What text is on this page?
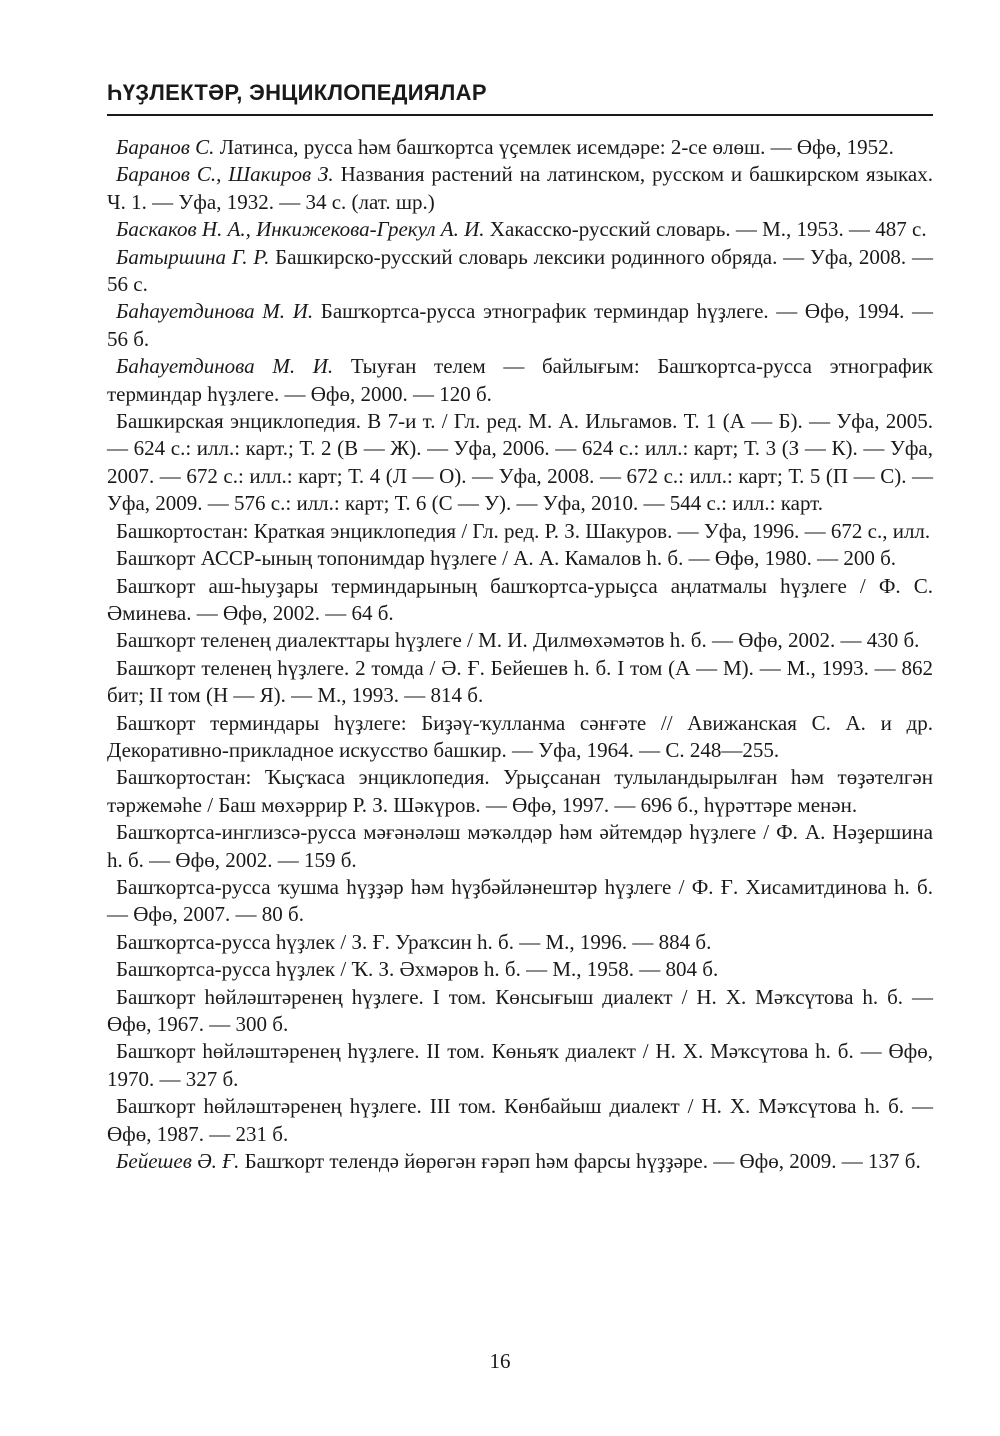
ҺҮҘЛЕКТӘР, ЭНЦИКЛОПЕДИЯЛАР

Баранов С. Латинса, русса һәм башҡортса үҫемлек исемдәре: 2-се өлөш. — Өфө, 1952.

Баранов С., Шакиров З. Названия растений на латинском, русском и башкирском языках. Ч. 1. — Уфа, 1932. — 34 с. (лат. шр.)

Баскаков Н. А., Инкижекова-Грекул А. И. Хакасско-русский словарь. — М., 1953. — 487 с.

Батыршина Г. Р. Башкирско-русский словарь лексики родинного обряда. — Уфа, 2008. — 56 с.

Баһауетдинова М. И. Башҡортса-русса этнографик терминдар һүҙлеге. — Өфө, 1994. — 56 б.

Баһауетдинова М. И. Тыуған телем — байлығым: Башҡортса-русса этнографик терминдар һүҙлеге. — Өфө, 2000. — 120 б.

Башкирская энциклопедия. В 7-и т. / Гл. ред. М. А. Ильгамов. Т. 1 (А — Б). — Уфа, 2005. — 624 с.: илл.: карт.; Т. 2 (В — Ж). — Уфа, 2006. — 624 с.: илл.: карт; Т. 3 (З — К). — Уфа, 2007. — 672 с.: илл.: карт; Т. 4 (Л — О). — Уфа, 2008. — 672 с.: илл.: карт; Т. 5 (П — С). — Уфа, 2009. — 576 с.: илл.: карт; Т. 6 (С — У). — Уфа, 2010. — 544 с.: илл.: карт.

Башкортостан: Краткая энциклопедия / Гл. ред. Р. З. Шакуров. — Уфа, 1996. — 672 с., илл.

Башҡорт АССР-ының топонимдар һүҙлеге / А. А. Камалов һ. б. — Өфө, 1980. — 200 б.

Башҡорт аш-һыуҙары терминдарының башҡортса-урыҫса аңлатмалы һүҙлеге / Ф. С. Әминева. — Өфө, 2002. — 64 б.

Башҡорт теленең диалекттары һүҙлеге / М. И. Дилмөхәмәтов һ. б. — Өфө, 2002. — 430 б.

Башҡорт теленең һүҙлеге. 2 томда / Ә. Ғ. Бейешев һ. б. I том (А — М). — М., 1993. — 862 бит; II том (Н — Я). — М., 1993. — 814 б.

Башҡорт терминдары һүҙлеге: Биҙәү-ҡулланма сәнғәте // Авижанская С. А. и др. Декоративно-прикладное искусство башкир. — Уфа, 1964. — С. 248—255.

Башҡортостан: Ҡыҫҡаса энциклопедия. Урыҫсанан тулыландырылған һәм төҙәтелгән тәржемәһе / Баш мөхәррир Р. З. Шәкүров. — Өфө, 1997. — 696 б., һүрәттәре менән.

Башҡортса-инглизсә-русса мәғәнәләш мәҡәлдәр һәм әйтемдәр һүҙлеге / Ф. А. Нәҙершина һ. б. — Өфө, 2002. — 159 б.

Башҡортса-русса ҡушма һүҙҙәр һәм һүҙбәйләнештәр һүҙлеге / Ф. Ғ. Хисамитдинова һ. б. — Өфө, 2007. — 80 б.

Башҡортса-русса һүҙлек / З. Ғ. Ураҡсин һ. б. — М., 1996. — 884 б.

Башҡортса-русса һүҙлек / Ҡ. З. Әхмәров һ. б. — М., 1958. — 804 б.

Башҡорт һөйләштәренең һүҙлеге. I том. Көнсығыш диалект / Н. Х. Мәҡсүтова һ. б. — Өфө, 1967. — 300 б.

Башҡорт һөйләштәренең һүҙлеге. II том. Көньяҡ диалект / Н. Х. Мәҡсүтова һ. б. — Өфө, 1970. — 327 б.

Башҡорт һөйләштәренең һүҙлеге. III том. Көнбайыш диалект / Н. Х. Мәҡсүтова һ. б. — Өфө, 1987. — 231 б.

Бейешев Ә. Ғ. Башҡорт телендә йөрөгән ғәрәп һәм фарсы һүҙҙәре. — Өфө, 2009. — 137 б.

16
